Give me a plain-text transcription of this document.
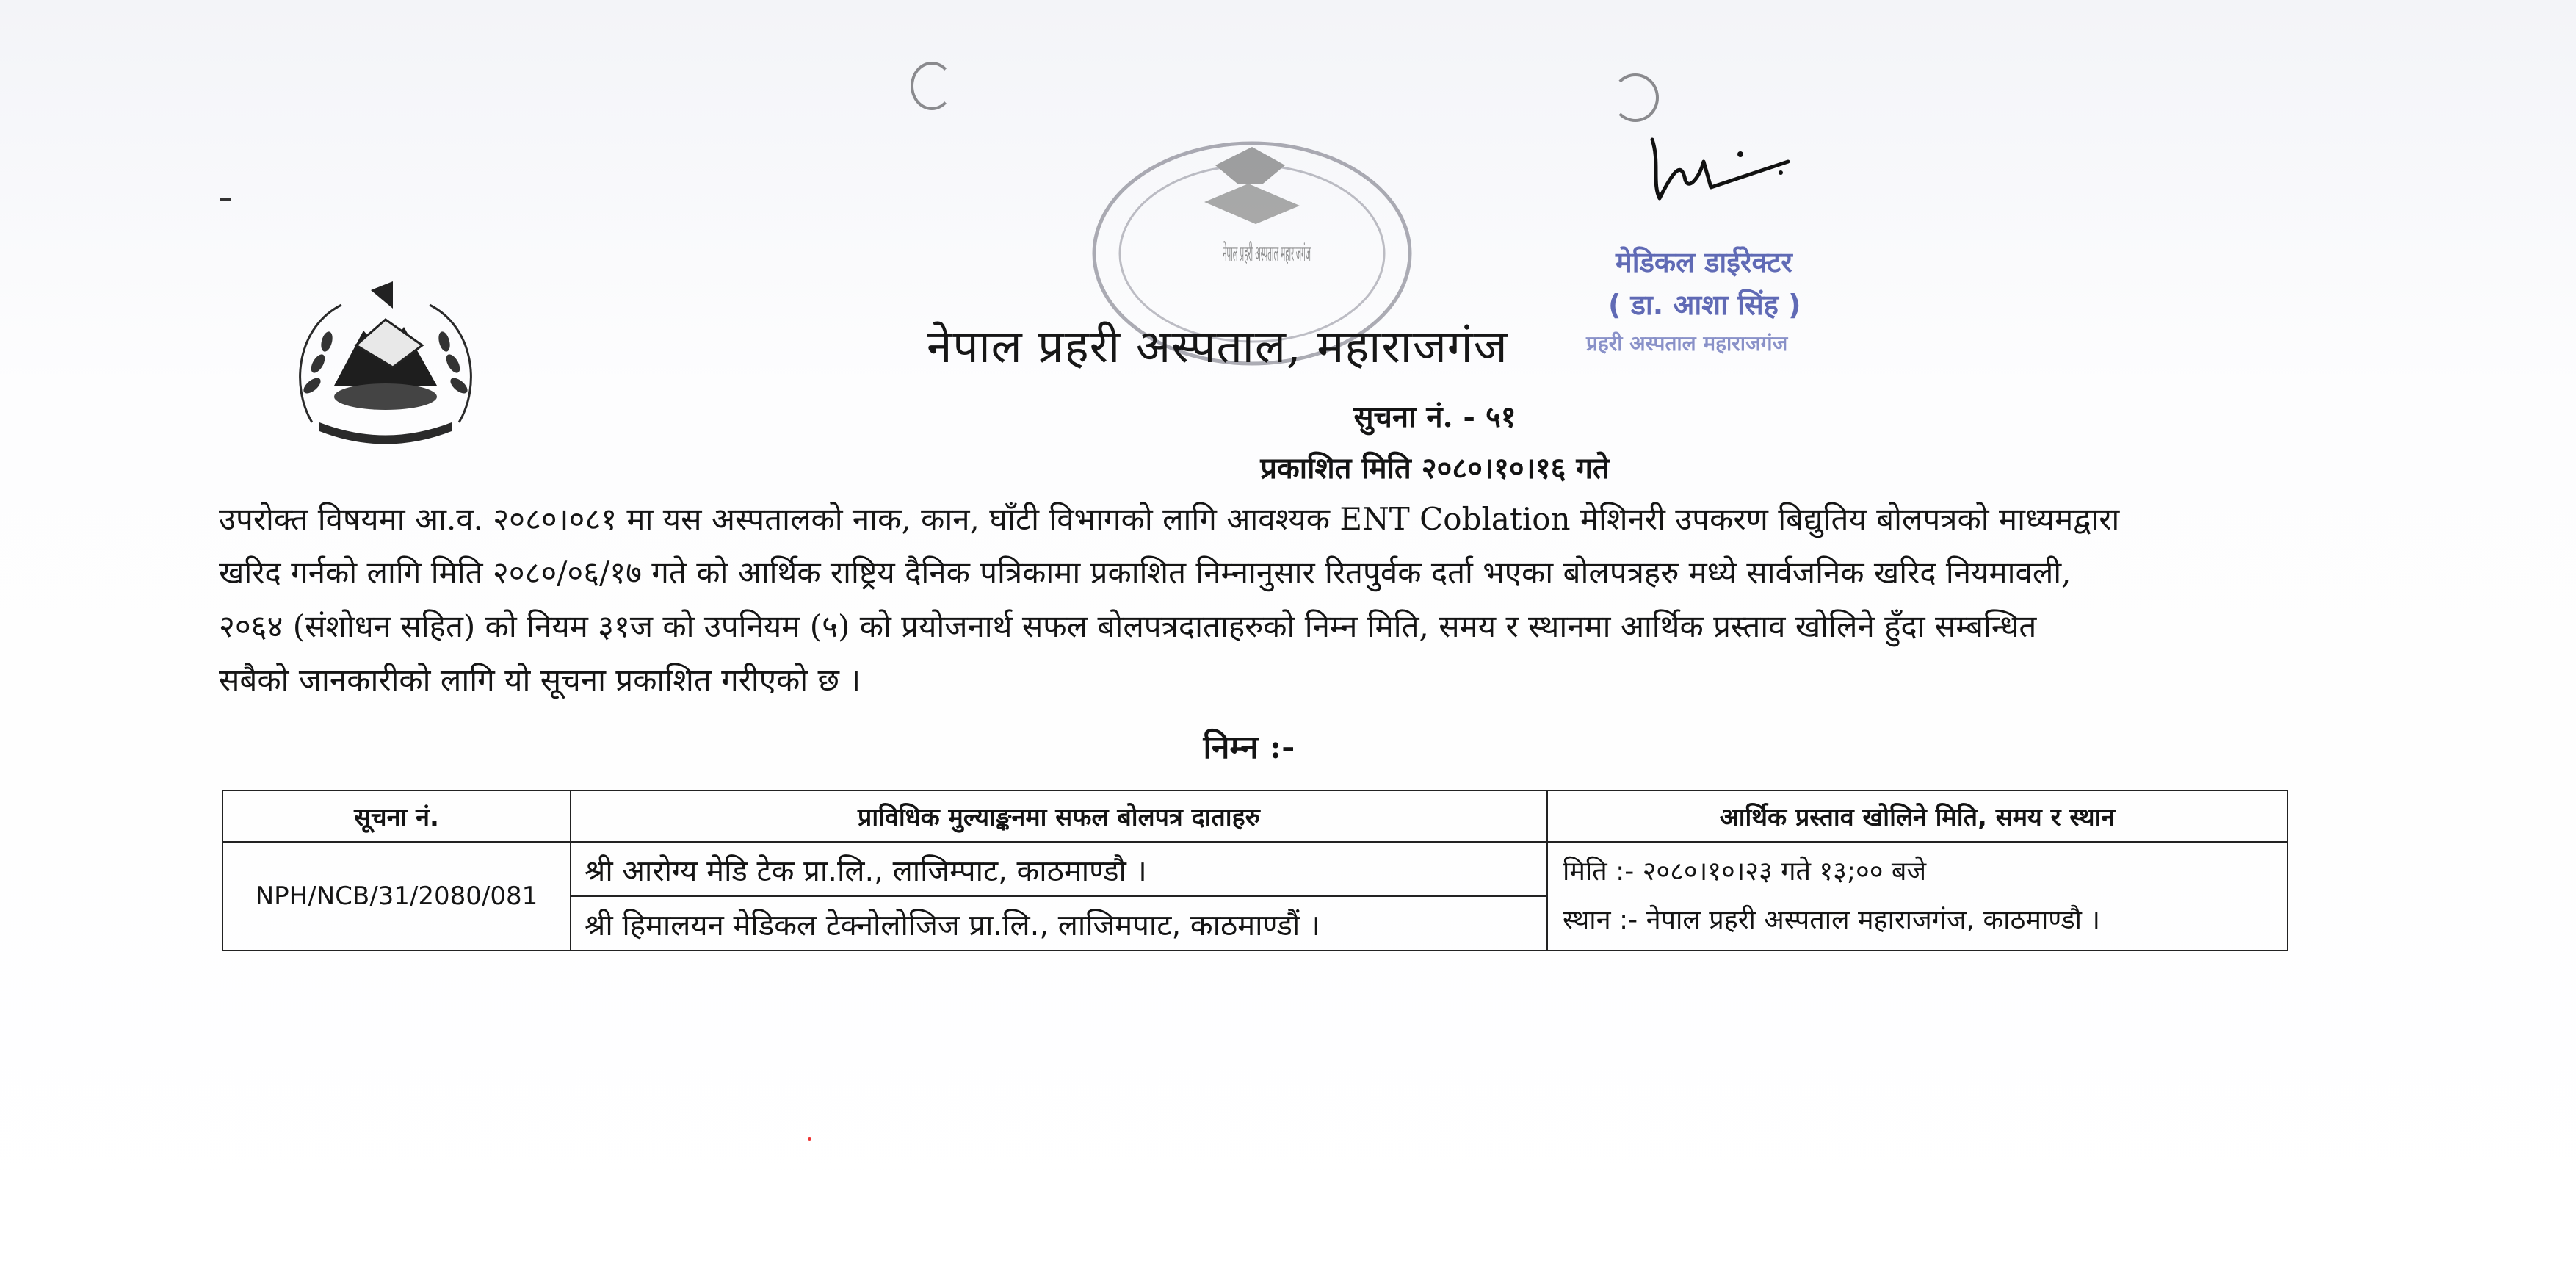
नेपाल प्रहरी अस्पताल महाराजगंज	मेडिकल डाईरेक्टर
( डा. आशा सिंह )
प्रहरी अस्पताल महाराजगंज
नेपाल प्रहरी अस्पताल, महाराजगंज
सुचना नं. - ५१
प्रकाशित मिति २०८०।१०।१६ गते
उपरोक्त विषयमा आ.व. २०८०।०८१ मा यस अस्पतालको नाक, कान, घाँटी विभागको लागि आवश्यक ENT Coblation मेशिनरी उपकरण बिद्युतिय बोलपत्रको माध्यमद्वारा
खरिद गर्नको लागि मिति २०८०/०६/१७ गते को आर्थिक राष्ट्रिय दैनिक पत्रिकामा प्रकाशित निम्नानुसार रितपुर्वक दर्ता भएका बोलपत्रहरु मध्ये सार्वजनिक खरिद नियमावली,
२०६४ (संशोधन सहित) को नियम ३१ज को उपनियम (५) को प्रयोजनार्थ सफल बोलपत्रदाताहरुको निम्न मिति, समय र स्थानमा आर्थिक प्रस्ताव खोलिने हुँदा सम्बन्धित
सबैको जानकारीको लागि यो सूचना प्रकाशित गरीएको छ ।
निम्न :-
सूचना नं.	प्राविधिक मुल्याङ्कनमा सफल बोलपत्र दाताहरु	आर्थिक प्रस्ताव खोलिने मिति, समय र स्थान
NPH/NCB/31/2080/081	श्री आरोग्य मेडि टेक प्रा.लि., लाजिम्पाट, काठमाण्डौ ।	मिति :- २०८०।१०।२३ गते १३;०० बजे
स्थान :- नेपाल प्रहरी अस्पताल महाराजगंज, काठमाण्डौ ।

	श्री हिमालयन मेडिकल टेक्नोलोजिज प्रा.लि., लाजिमपाट, काठमाण्डौं ।	
